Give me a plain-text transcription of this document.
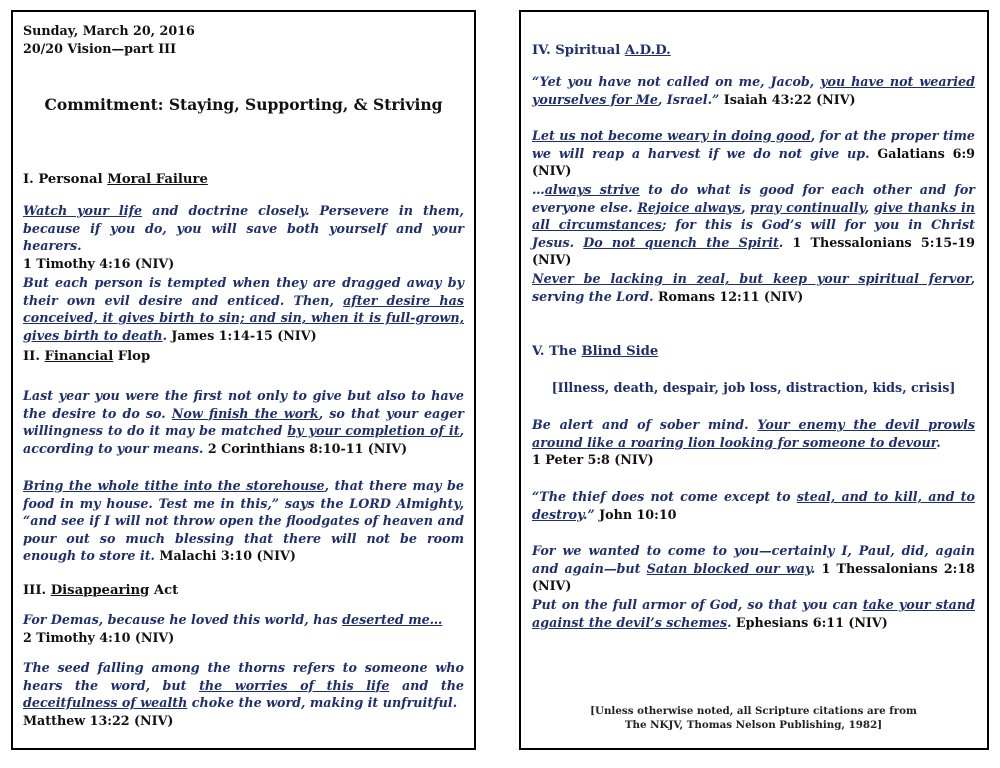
Sunday, March 20, 2016

20/20 Vision—part III

Commitment: Staying, Supporting, & Striving

I. Personal Moral Failure

Watch your life and doctrine closely. Persevere in them, because if you do, you will save both yourself and your hearers.
1 Timothy 4:16 (NIV)

But each person is tempted when they are dragged away by their own evil desire and enticed. Then, after desire has conceived, it gives birth to sin; and sin, when it is full-grown, gives birth to death. James 1:14-15 (NIV)

II. Financial Flop

Last year you were the first not only to give but also to have the desire to do so. Now finish the work, so that your eager willingness to do it may be matched by your completion of it, according to your means. 2 Corinthians 8:10-11 (NIV)

Bring the whole tithe into the storehouse, that there may be food in my house. Test me in this,” says the LORD Almighty, “and see if I will not throw open the floodgates of heaven and pour out so much blessing that there will not be room enough to store it. Malachi 3:10 (NIV)

III. Disappearing Act

For Demas, because he loved this world, has deserted me…
2 Timothy 4:10 (NIV)

The seed falling among the thorns refers to someone who hears the word, but the worries of this life and the deceitfulness of wealth choke the word, making it unfruitful.
Matthew 13:22 (NIV)

IV. Spiritual A.D.D.

“Yet you have not called on me, Jacob, you have not wearied yourselves for Me, Israel.” Isaiah 43:22 (NIV)

Let us not become weary in doing good, for at the proper time we will reap a harvest if we do not give up. Galatians 6:9 (NIV)

…always strive to do what is good for each other and for everyone else. Rejoice always, pray continually, give thanks in all circumstances; for this is God’s will for you in Christ Jesus. Do not quench the Spirit. 1 Thessalonians 5:15-19 (NIV)

Never be lacking in zeal, but keep your spiritual fervor, serving the Lord. Romans 12:11 (NIV)

V. The Blind Side

[Illness, death, despair, job loss, distraction, kids, crisis]

Be alert and of sober mind. Your enemy the devil prowls around like a roaring lion looking for someone to devour.
1 Peter 5:8 (NIV)

“The thief does not come except to steal, and to kill, and to destroy.” John 10:10

For we wanted to come to you—certainly I, Paul, did, again and again—but Satan blocked our way. 1 Thessalonians 2:18 (NIV)

Put on the full armor of God, so that you can take your stand against the devil’s schemes. Ephesians 6:11 (NIV)

[Unless otherwise noted, all Scripture citations are from
The NKJV, Thomas Nelson Publishing, 1982]
